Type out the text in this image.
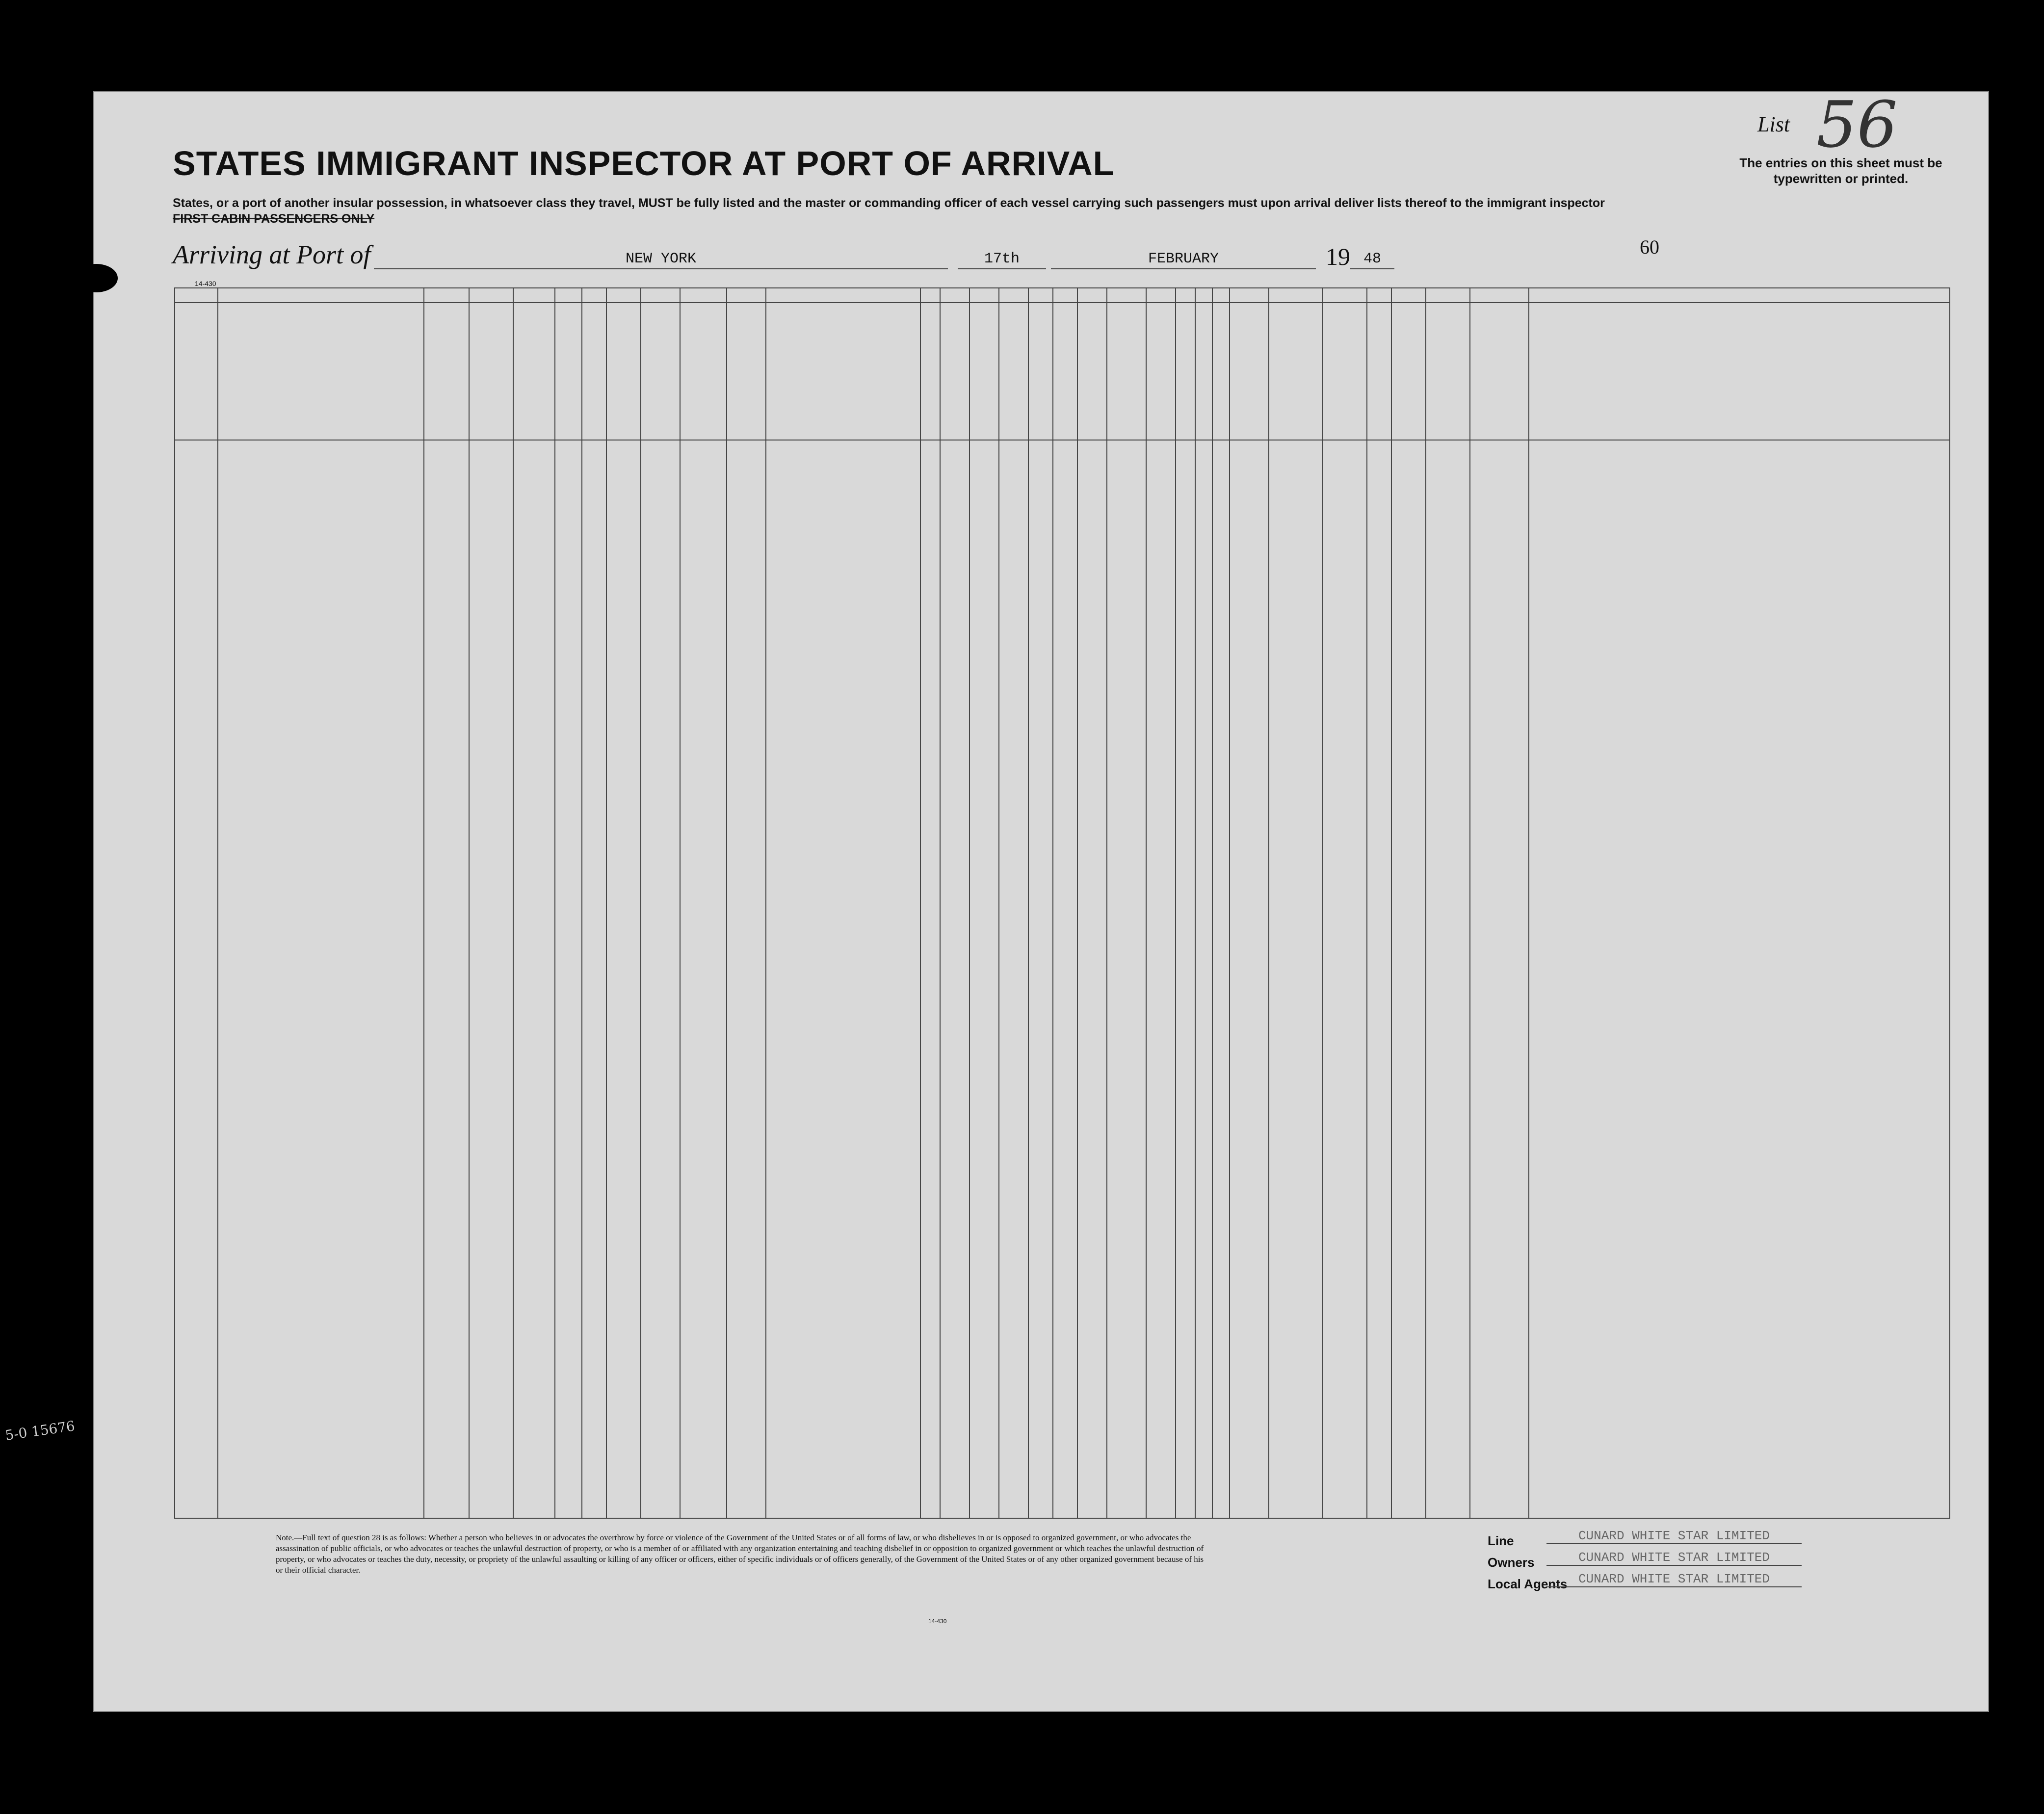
STATES IMMIGRANT INSPECTOR AT PORT OF ARRIVAL
List 56
The entries on this sheet must be typewritten or printed.
States, or a port of another insular possession, in whatsoever class they travel, MUST be fully listed and the master or commanding officer of each vessel carrying such passengers must upon arrival deliver lists thereof to the immigrant inspector
FIRST CABIN PASSENGERS ONLY
Arriving at Port of	NEW YORK	17th	FEBRUARY	19 48
14-430
60
Note.—Full text of question 28 is as follows: Whether a person who believes in or advocates the overthrow by force or violence of the Government of the United States or of all forms of law, or who disbelieves in or is opposed to organized government, or who advocates the assassination of public officials, or who advocates or teaches the unlawful destruction of property, or who is a member of or affiliated with any organization entertaining and teaching disbelief in or opposition to organized government or which teaches the unlawful destruction of property, or who advocates or teaches the duty, necessity, or propriety of the unlawful assaulting or killing of any officer or officers, either of specific individuals or of officers generally, of the Government of the United States or of any other organized government because of his or their official character.
14-430
Line	CUNARD WHITE STAR LIMITED
Owners	CUNARD WHITE STAR LIMITED
Local Agents CUNARD WHITE STAR LIMITED
5-0 15676
